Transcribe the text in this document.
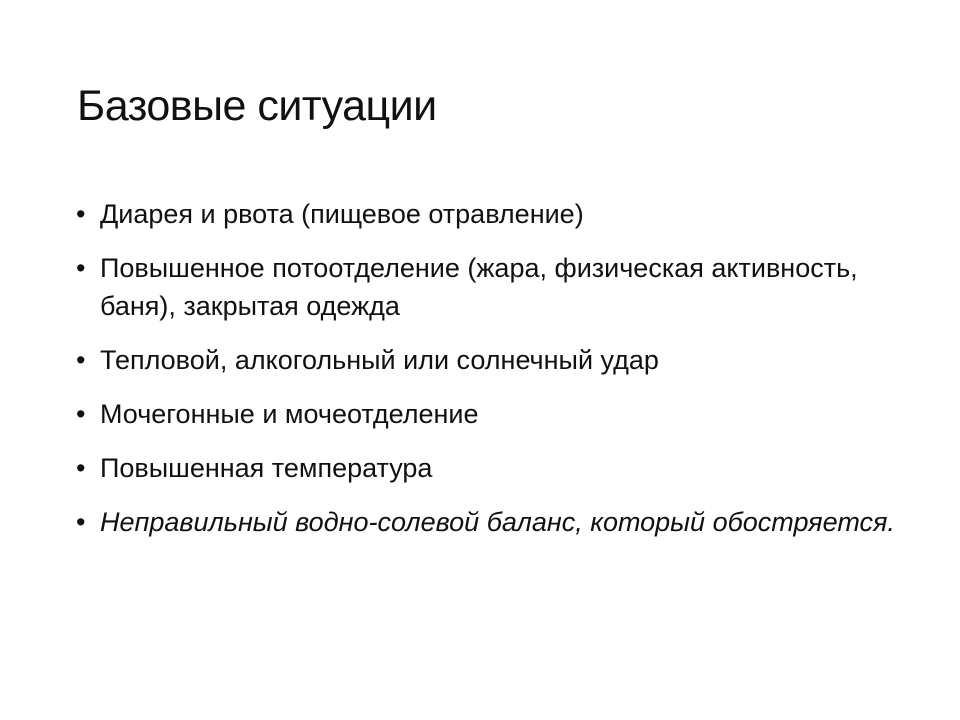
Базовые ситуации
• Диарея и рвота (пищевое отравление)
• Повышенное потоотделение (жара, физическая активность, баня), закрытая одежда
• Тепловой, алкогольный или солнечный удар
• Мочегонные и мочеотделение
• Повышенная температура
• Неправильный водно-солевой баланс, который обостряется.
